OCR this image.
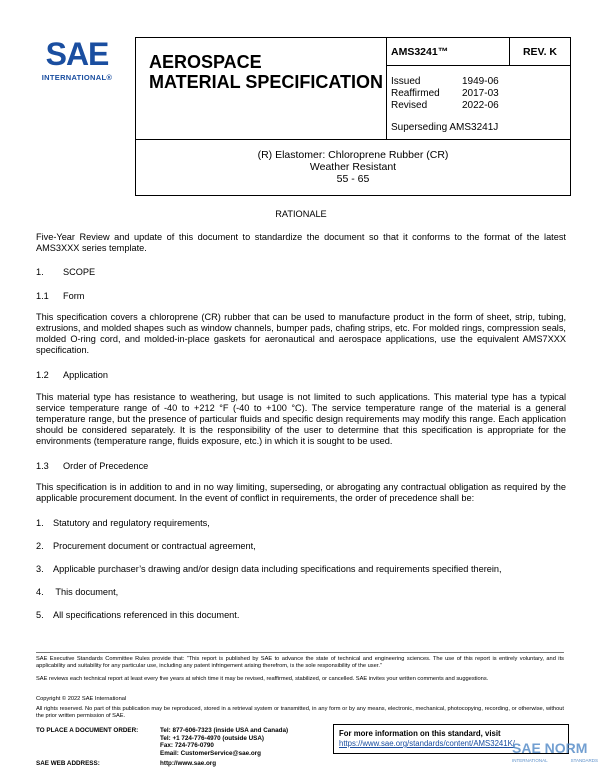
SAE
INTERNATIONAL®
AEROSPACE
MATERIAL SPECIFICATION
AMS3241™	REV. K
Issued	1949-06
Reaffirmed	2017-03
Revised	2022-06
Superseding AMS3241J
(R) Elastomer: Chloroprene Rubber (CR)
Weather Resistant
55 - 65
RATIONALE
Five-Year Review and update of this document to standardize the document so that it conforms to the format of the latest AMS3XXX series template.
1. SCOPE
1.1 Form
This specification covers a chloroprene (CR) rubber that can be used to manufacture product in the form of sheet, strip, tubing, extrusions, and molded shapes such as window channels, bumper pads, chafing strips, etc. For molded rings, compression seals, molded O-ring cord, and molded-in-place gaskets for aeronautical and aerospace applications, use the equivalent AMS7XXX specification.
1.2 Application
This material type has resistance to weathering, but usage is not limited to such applications. This material type has a typical service temperature range of -40 to +212 °F (-40 to +100 °C). The service temperature range of the material is a general temperature range, but the presence of particular fluids and specific design requirements may modify this range. Each application should be considered separately. It is the responsibility of the user to determine that this specification is appropriate for the environments (temperature range, fluids exposure, etc.) in which it is sought to be used.
1.3 Order of Precedence
This specification is in addition to and in no way limiting, superseding, or abrogating any contractual obligation as required by the applicable procurement document. In the event of conflict in requirements, the order of precedence shall be:
1. Statutory and regulatory requirements,
2. Procurement document or contractual agreement,
3. Applicable purchaser’s drawing and/or design data including specifications and requirements specified therein,
4. This document,
5. All specifications referenced in this document.
SAE Executive Standards Committee Rules provide that: “This report is published by SAE to advance the state of technical and engineering sciences. The use of this report is entirely voluntary, and its applicability and suitability for any particular use, including any patent infringement arising therefrom, is the sole responsibility of the user.”
SAE reviews each technical report at least every five years at which time it may be revised, reaffirmed, stabilized, or cancelled. SAE invites your written comments and suggestions.
Copyright © 2022 SAE International
All rights reserved. No part of this publication may be reproduced, stored in a retrieval system or transmitted, in any form or by any means, electronic, mechanical, photocopying, recording, or otherwise, without the prior written permission of SAE.
TO PLACE A DOCUMENT ORDER:	Tel: 877-606-7323 (inside USA and Canada)
Tel: +1 724-776-4970 (outside USA)
Fax: 724-776-0790
Email: CustomerService@sae.org
SAE WEB ADDRESS:	http://www.sae.org
For more information on this standard, visit
https://www.sae.org/standards/content/AMS3241K/
SAE NORM
INTERNATIONAL	STANDARDS
